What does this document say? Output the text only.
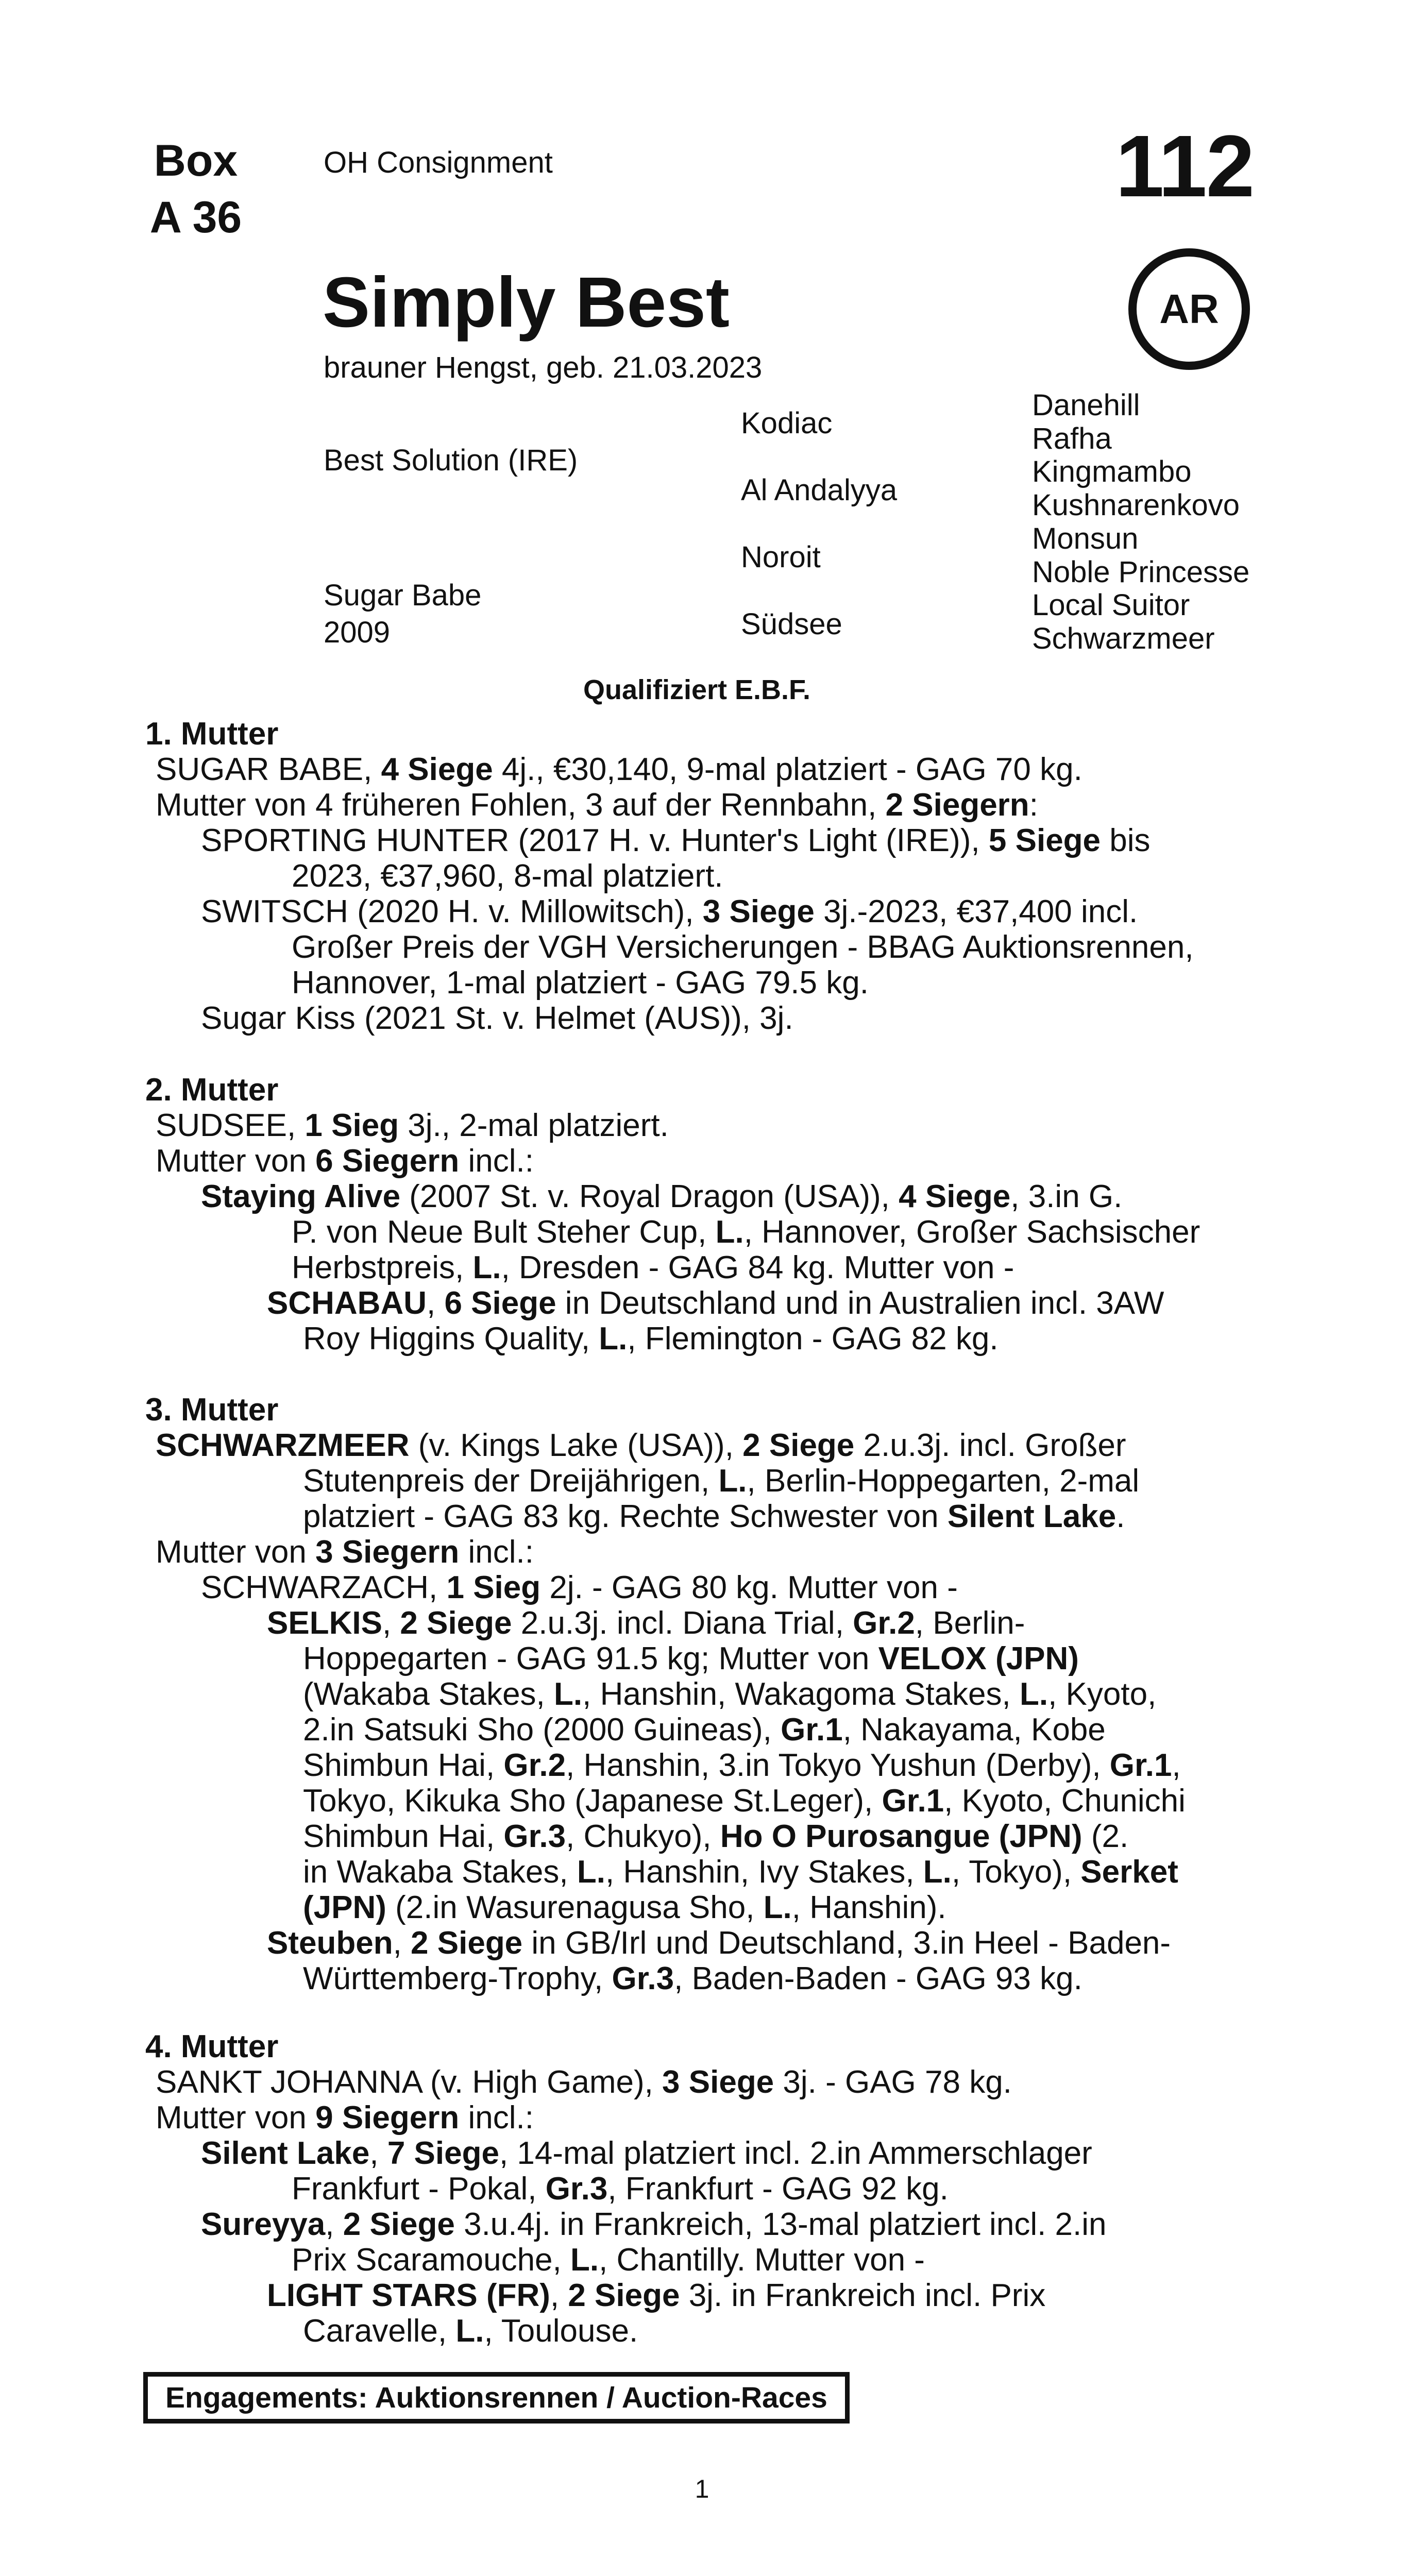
Box
A 36
OH Consignment	112
AR
Simply Best
brauner Hengst, geb. 21.03.2023
Best Solution (IRE)
Sugar Babe
2009
Kodiac
Al Andalyya
Noroit
Südsee
Danehill
Rafha
Kingmambo
Kushnarenkovo
Monsun
Noble Princesse
Local Suitor
Schwarzmeer
Qualifiziert E.B.F.
1. Mutter
SUGAR BABE, 4 Siege 4j., €30,140, 9-mal platziert - GAG 70 kg.
Mutter von 4 früheren Fohlen, 3 auf der Rennbahn, 2 Siegern:
SPORTING HUNTER (2017 H. v. Hunter's Light (IRE)), 5 Siege bis
2023, €37,960, 8-mal platziert.
SWITSCH (2020 H. v. Millowitsch), 3 Siege 3j.-2023, €37,400 incl.
Großer Preis der VGH Versicherungen - BBAG Auktionsrennen,
Hannover, 1-mal platziert - GAG 79.5 kg.
Sugar Kiss (2021 St. v. Helmet (AUS)), 3j.
2. Mutter
SUDSEE, 1 Sieg 3j., 2-mal platziert.
Mutter von 6 Siegern incl.:
Staying Alive (2007 St. v. Royal Dragon (USA)), 4 Siege, 3.in G.
P. von Neue Bult Steher Cup, L., Hannover, Großer Sachsischer
Herbstpreis, L., Dresden - GAG 84 kg. Mutter von -
SCHABAU, 6 Siege in Deutschland und in Australien incl. 3AW
Roy Higgins Quality, L., Flemington - GAG 82 kg.
3. Mutter
SCHWARZMEER (v. Kings Lake (USA)), 2 Siege 2.u.3j. incl. Großer
Stutenpreis der Dreijährigen, L., Berlin-Hoppegarten, 2-mal
platziert - GAG 83 kg. Rechte Schwester von Silent Lake.
Mutter von 3 Siegern incl.:
SCHWARZACH, 1 Sieg 2j. - GAG 80 kg. Mutter von -
SELKIS, 2 Siege 2.u.3j. incl. Diana Trial, Gr.2, Berlin-
Hoppegarten - GAG 91.5 kg; Mutter von VELOX (JPN)
(Wakaba Stakes, L., Hanshin, Wakagoma Stakes, L., Kyoto,
2.in Satsuki Sho (2000 Guineas), Gr.1, Nakayama, Kobe
Shimbun Hai, Gr.2, Hanshin, 3.in Tokyo Yushun (Derby), Gr.1,
Tokyo, Kikuka Sho (Japanese St.Leger), Gr.1, Kyoto, Chunichi
Shimbun Hai, Gr.3, Chukyo), Ho O Purosangue (JPN) (2.
in Wakaba Stakes, L., Hanshin, Ivy Stakes, L., Tokyo), Serket
(JPN) (2.in Wasurenagusa Sho, L., Hanshin).
Steuben, 2 Siege in GB/Irl und Deutschland, 3.in Heel - Baden-
Württemberg-Trophy, Gr.3, Baden-Baden - GAG 93 kg.
4. Mutter
SANKT JOHANNA (v. High Game), 3 Siege 3j. - GAG 78 kg.
Mutter von 9 Siegern incl.:
Silent Lake, 7 Siege, 14-mal platziert incl. 2.in Ammerschlager
Frankfurt - Pokal, Gr.3, Frankfurt - GAG 92 kg.
Sureyya, 2 Siege 3.u.4j. in Frankreich, 13-mal platziert incl. 2.in
Prix Scaramouche, L., Chantilly. Mutter von -
LIGHT STARS (FR), 2 Siege 3j. in Frankreich incl. Prix
Caravelle, L., Toulouse.
Engagements: Auktionsrennen / Auction-Races
1
